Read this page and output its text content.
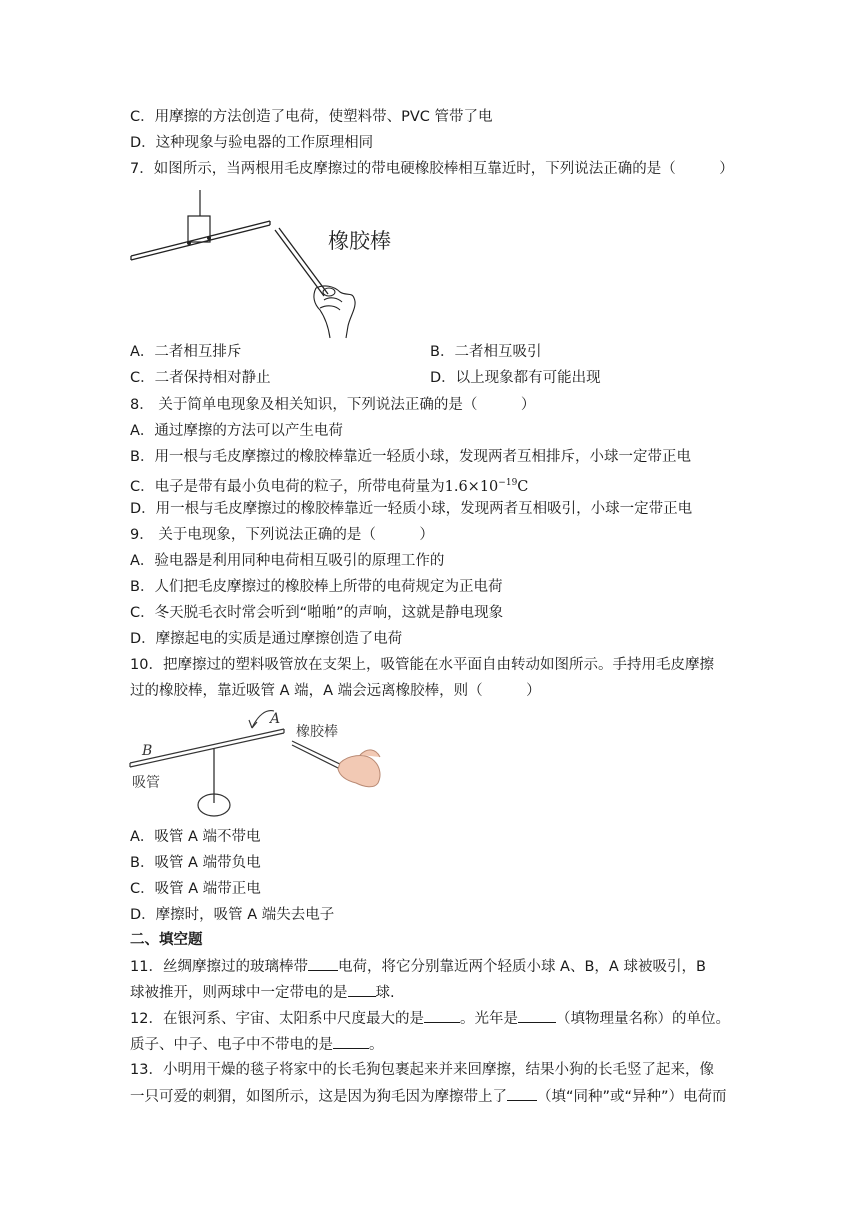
C．用摩擦的方法创造了电荷，使塑料带、PVC 管带了电
D．这种现象与验电器的工作原理相同
7．如图所示，当两根用毛皮摩擦过的带电硬橡胶棒相互靠近时，下列说法正确的是（　　　）
橡胶棒
A．二者相互排斥	B．二者相互吸引
C．二者保持相对静止	D．以上现象都有可能出现
8． 关于简单电现象及相关知识，下列说法正确的是（　　　）
A．通过摩擦的方法可以产生电荷
B．用一根与毛皮摩擦过的橡胶棒靠近一轻质小球，发现两者互相排斥，小球一定带正电
C．电子是带有最小负电荷的粒子，所带电荷量为$1.6\times 10^{-19}C$
D．用一根与毛皮摩擦过的橡胶棒靠近一轻质小球，发现两者互相吸引，小球一定带正电
9． 关于电现象，下列说法正确的是（　　　）
A．验电器是利用同种电荷相互吸引的原理工作的
B．人们把毛皮摩擦过的橡胶棒上所带的电荷规定为正电荷
C．冬天脱毛衣时常会听到“啪啪”的声响，这就是静电现象
D．摩擦起电的实质是通过摩擦创造了电荷
10．把摩擦过的塑料吸管放在支架上，吸管能在水平面自由转动如图所示。手持用毛皮摩擦
过的橡胶棒，靠近吸管 A 端，A 端会远离橡胶棒，则（　　　）
A
B
橡胶棒
吸管
A．吸管 A 端不带电
B．吸管 A 端带负电
C．吸管 A 端带正电
D．摩擦时，吸管 A 端失去电子
二、填空题
11．丝绸摩擦过的玻璃棒带 电荷，将它分别靠近两个轻质小球 A、B，A 球被吸引，B
球被推开，则两球中一定带电的是 球.
12．在银河系、宇宙、太阳系中尺度最大的是 。光年是	（填物理量名称）的单位。
质子、中子、电子中不带电的是 。
13．小明用干燥的毯子将家中的长毛狗包裹起来并来回摩擦，结果小狗的长毛竖了起来，像
一只可爱的刺猬，如图所示，这是因为狗毛因为摩擦带上了 （填“同种”或“异种”）电荷而
